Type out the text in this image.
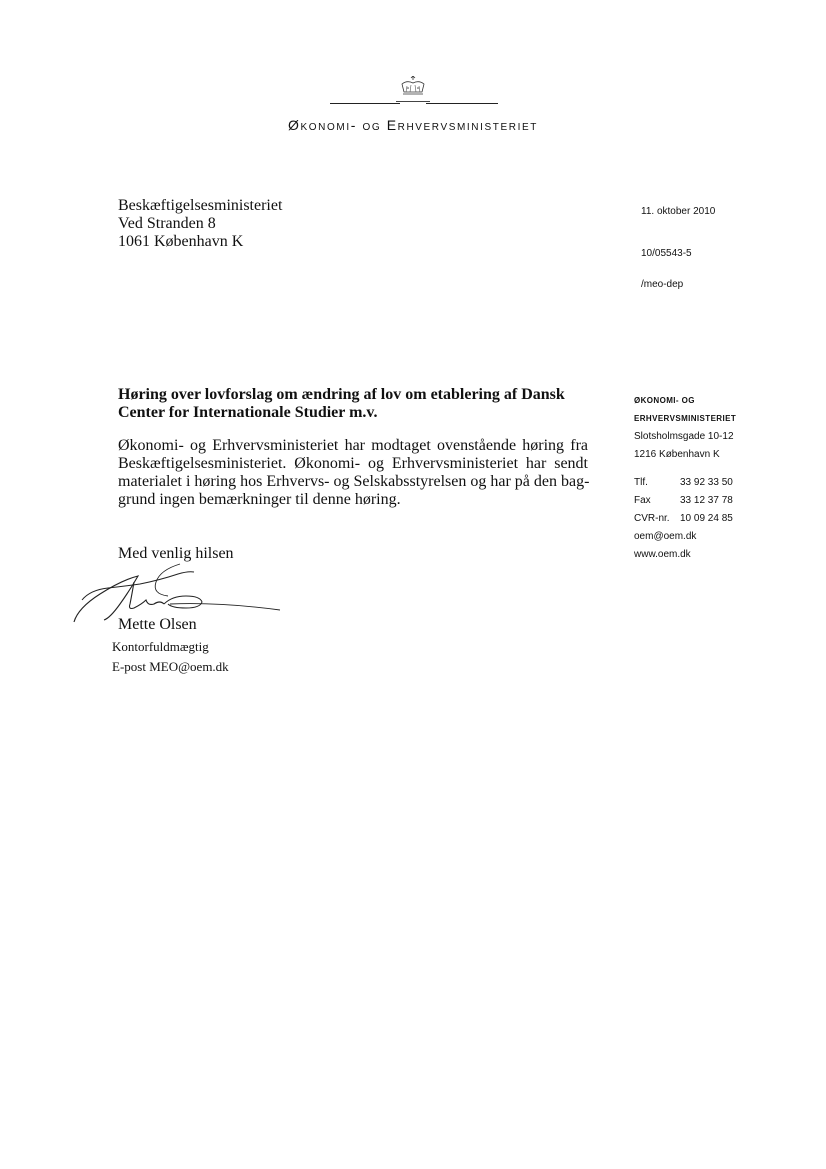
Økonomi- og Erhvervsministeriet
Beskæftigelsesministeriet
Ved Stranden 8
1061 København K
11. oktober 2010
10/05543-5
/meo-dep
Høring over lovforslag om ændring af lov om etablering af Dansk
Center for Internationale Studier m.v.
Økonomi- og Erhvervsministeriet har modtaget ovenstående høring fra
Beskæftigelsesministeriet. Økonomi- og Erhvervsministeriet har sendt
materialet i høring hos Erhvervs- og Selskabsstyrelsen og har på den bag-
grund ingen bemærkninger til denne høring.
ØKONOMI- OG
ERHVERVSMINISTERIET
Slotsholmsgade 10-12
1216 København K
Tlf.	33 92 33 50
Fax	33 12 37 78
CVR-nr.	10 09 24 85
oem@oem.dk
www.oem.dk
Med venlig hilsen
Mette Olsen
Kontorfuldmægtig
E-post MEO@oem.dk
